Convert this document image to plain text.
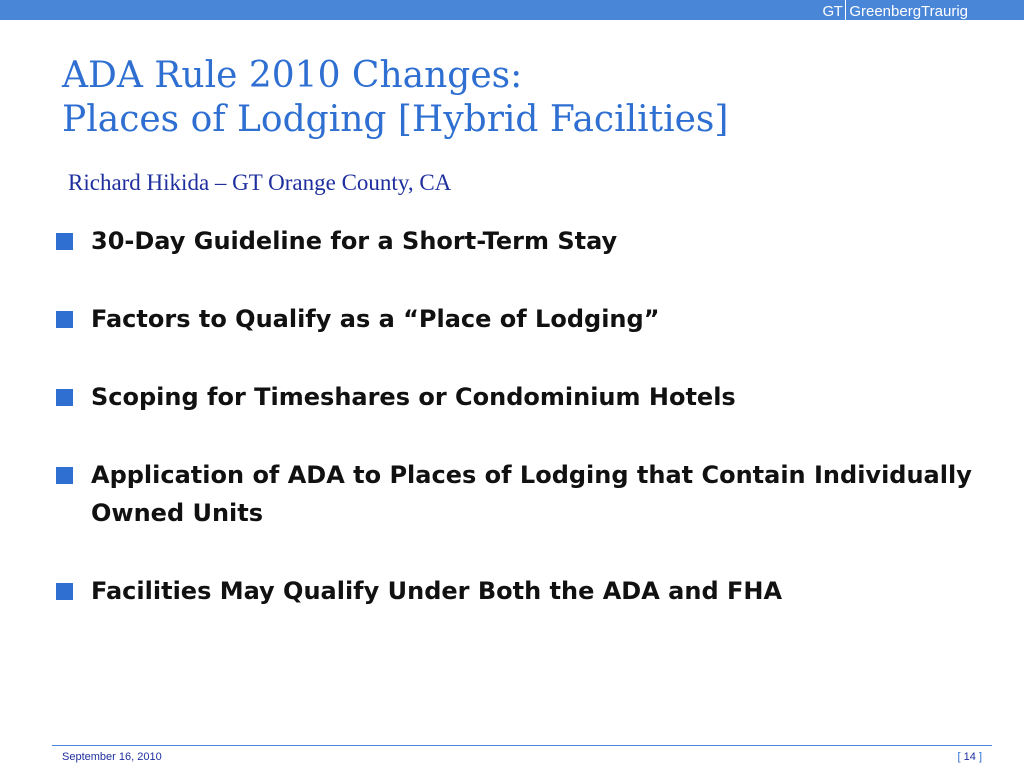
GT GreenbergTraurig
ADA Rule 2010 Changes:
Places of Lodging [Hybrid Facilities]
Richard Hikida – GT Orange County, CA
30-Day Guideline for a Short-Term Stay
Factors to Qualify as a “Place of Lodging”
Scoping for Timeshares or Condominium Hotels
Application of ADA to Places of Lodging that Contain Individually Owned Units
Facilities May Qualify Under Both the ADA and FHA
September 16, 2010	[ 14 ]
